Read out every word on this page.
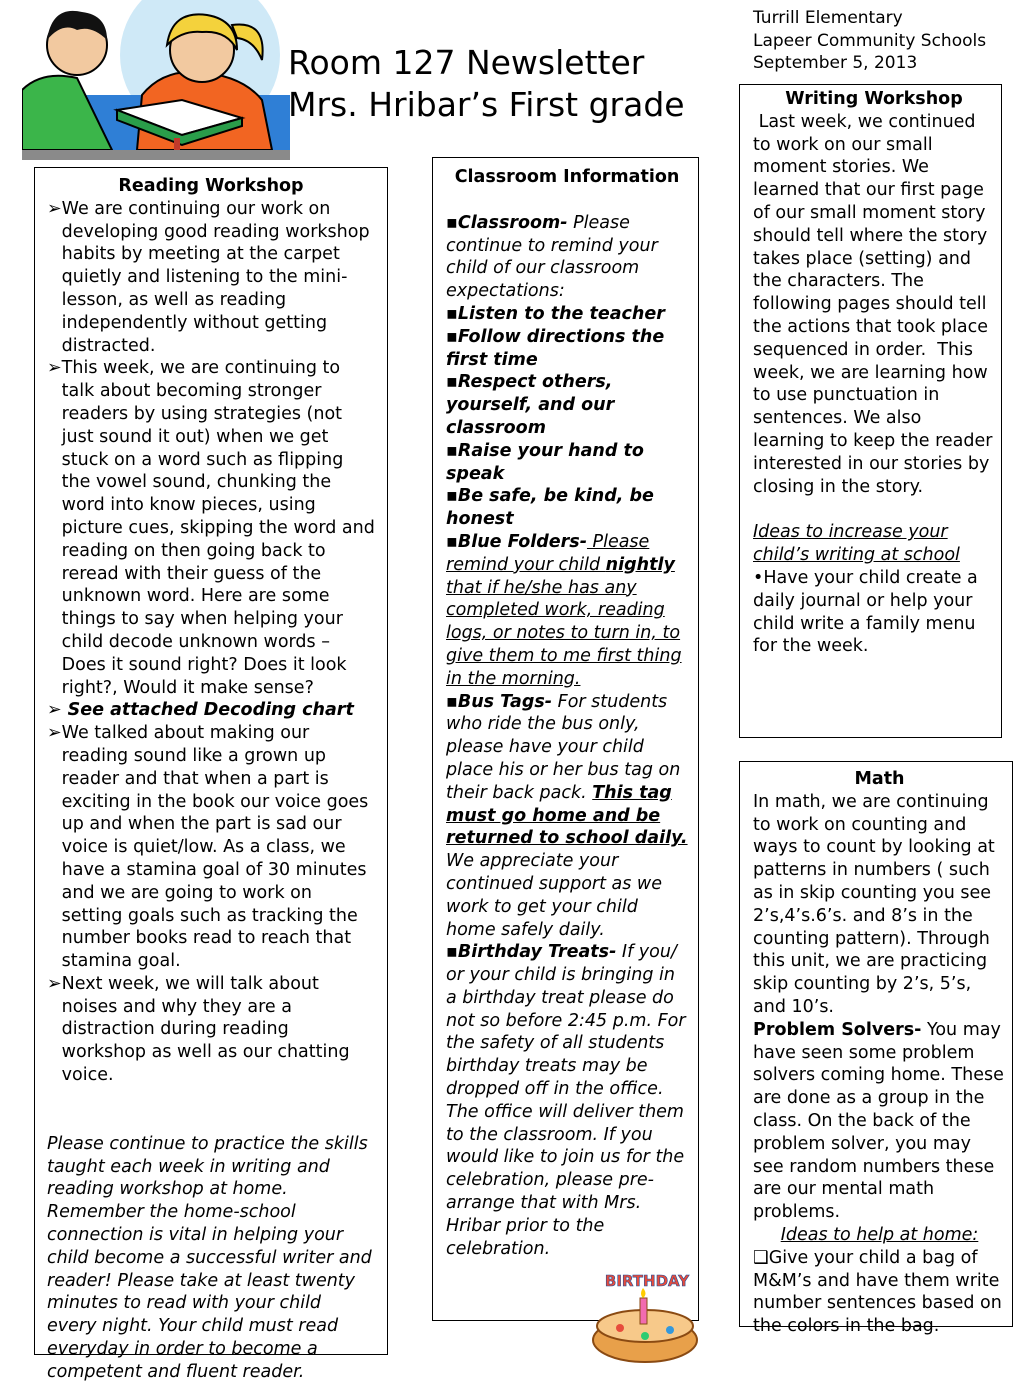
Room 127 Newsletter
Mrs. Hribar’s First grade
Turrill Elementary
Lapeer Community Schools
September 5, 2013
Reading Workshop
➢ We are continuing our work on developing good reading workshop habits by meeting at the carpet quietly and listening to the mini-lesson, as well as reading independently without getting distracted.
➢ This week, we are continuing to talk about becoming stronger readers by using strategies (not just sound it out) when we get stuck on a word such as flipping the vowel sound, chunking the word into know pieces, using picture cues, skipping the word and reading on then going back to reread with their guess of the unknown word. Here are some things to say when helping your child decode unknown words – Does it sound right? Does it look right?, Would it make sense?
➢ See attached Decoding chart
➢ We talked about making our reading sound like a grown up reader and that when a part is exciting in the book our voice goes up and when the part is sad our voice is quiet/low. As a class, we have a stamina goal of 30 minutes and we are going to work on setting goals such as tracking the number books read to reach that stamina goal.
➢ Next week, we will talk about noises and why they are a distraction during reading workshop as well as our chatting voice.

Please continue to practice the skills taught each week in writing and reading workshop at home. Remember the home-school connection is vital in helping your child become a successful writer and reader! Please take at least twenty minutes to read with your child every night. Your child must read everyday in order to become a competent and fluent reader.

Classroom Information

▪Classroom- Please continue to remind your child of our classroom expectations:

▪Listen to the teacher

▪Follow directions the first time

▪Respect others, yourself, and our classroom

▪Raise your hand to speak

▪Be safe, be kind, be honest

▪Blue Folders- Please remind your child nightly that if he/she has any completed work, reading logs, or notes to turn in, to give them to me first thing in the morning.

▪Bus Tags- For students who ride the bus only, please have your child place his or her bus tag on their back pack. This tag must go home and be returned to school daily. We appreciate your continued support as we work to get your child home safely daily.

▪Birthday Treats- If you/ or your child is bringing in a birthday treat please do not so before 2:45 p.m. For the safety of all students birthday treats may be dropped off in the office. The office will deliver them to the classroom. If you would like to join us for the celebration, please pre-arrange that with Mrs. Hribar prior to the celebration.

Writing Workshop

Last week, we continued to work on our small moment stories. We learned that our first page of our small moment story should tell where the story takes place (setting) and the characters. The following pages should tell the actions that took place sequenced in order.  This week, we are learning how to use punctuation in sentences. We also learning to keep the reader interested in our stories by closing in the story.

Ideas to increase your child’s writing at school

•Have your child create a daily journal or help your child write a family menu for the week.

Math

In math, we are continuing to work on counting and ways to count by looking at patterns in numbers ( such as in skip counting you see 2’s,4’s.6’s. and 8’s in the counting pattern). Through this unit, we are practicing skip counting by 2’s, 5’s, and 10’s.

Problem Solvers- You may have seen some problem solvers coming home. These are done as a group in the class. On the back of the problem solver, you may see random numbers these are our mental math problems.

Ideas to help at home:

❑Give your child a bag of M&M’s and have them write number sentences based on the colors in the bag.

BIRTHDAY
